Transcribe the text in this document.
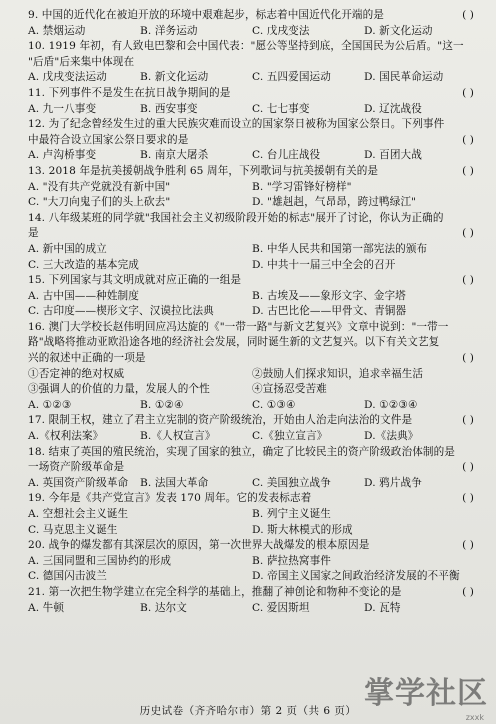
9. 中国的近代化在被迫开放的环境中艰难起步，标志着中国近代化开端的是	( )
A. 禁烟运动	B. 洋务运动	C. 戊戌变法	D. 新文化运动
10. 1919 年初，有人致电巴黎和会中国代表："愿公等坚持到底，全国国民为公后盾。"这一
"后盾"后来集中体现在
A. 戊戌变法运动	B. 新文化运动	C. 五四爱国运动	D. 国民革命运动
11. 下列事件不是发生在抗日战争期间的是	( )
A. 九一八事变	B. 西安事变	C. 七七事变	D. 辽沈战役
12. 为了纪念曾经发生过的重大民族灾难而设立的国家祭日被称为国家公祭日。下列事件
中最符合设立国家公祭日要求的是	( )
A. 卢沟桥事变	B. 南京大屠杀	C. 台儿庄战役	D. 百团大战
13. 2018 年是抗美援朝战争胜利 65 周年，下列歌词与抗美援朝有关的是	( )
A. "没有共产党就没有新中国"	B. "学习雷锋好榜样"
C. "大刀向鬼子们的头上砍去"	D. "雄赳赳，气昂昂，跨过鸭绿江"
14. 八年级某班的同学就"我国社会主义初级阶段开始的标志"展开了讨论，你认为正确的
是	( )
A. 新中国的成立	B. 中华人民共和国第一部宪法的颁布
C. 三大改造的基本完成	D. 中共十一届三中全会的召开
15. 下列国家与其文明成就对应正确的一组是	( )
A. 古中国——种姓制度	B. 古埃及——象形文字、金字塔
C. 古印度——楔形文字、汉谟拉比法典	D. 古巴比伦——甲骨文、青铜器
16. 澳门大学校长赵伟明回应冯达旋的《"一带一路"与新文艺复兴》文章中说到："一带一
路"战略将推动亚欧沿途各地的经济社会发展，同时诞生新的文艺复兴。以下有关文艺复
兴的叙述中正确的一项是	( )
①否定神的绝对权威	②鼓励人们探求知识，追求幸福生活
③强调人的价值的力量，发展人的个性	④宣扬忍受苦难
A. ①②③	B. ①②④	C. ①③④	D. ①②③④
17. 限制王权，建立了君主立宪制的资产阶级统治，开始由人治走向法治的文件是	( )
A.《权利法案》	B.《人权宣言》	C.《独立宣言》	D.《法典》
18. 结束了英国的殖民统治，实现了国家的独立，确定了比较民主的资产阶级政治体制的是
一场资产阶级革命是	( )
A. 英国资产阶级革命	B. 法国大革命	C. 美国独立战争	D. 鸦片战争
19. 今年是《共产党宣言》发表 170 周年。它的发表标志着	( )
A. 空想社会主义诞生	B. 列宁主义诞生
C. 马克思主义诞生	D. 斯大林模式的形成
20. 战争的爆发都有其深层次的原因，第一次世界大战爆发的根本原因是	( )
A. 三国同盟和三国协约的形成	B. 萨拉热窝事件
C. 德国闪击波兰	D. 帝国主义国家之间政治经济发展的不平衡
21. 第一次把生物学建立在完全科学的基础上，推翻了神创论和物种不变论的是	( )
A. 牛顿	B. 达尔文	C. 爱因斯坦	D. 瓦特
历史试卷（齐齐哈尔市）第 2 页（共 6 页） 掌学社区
zxxk
